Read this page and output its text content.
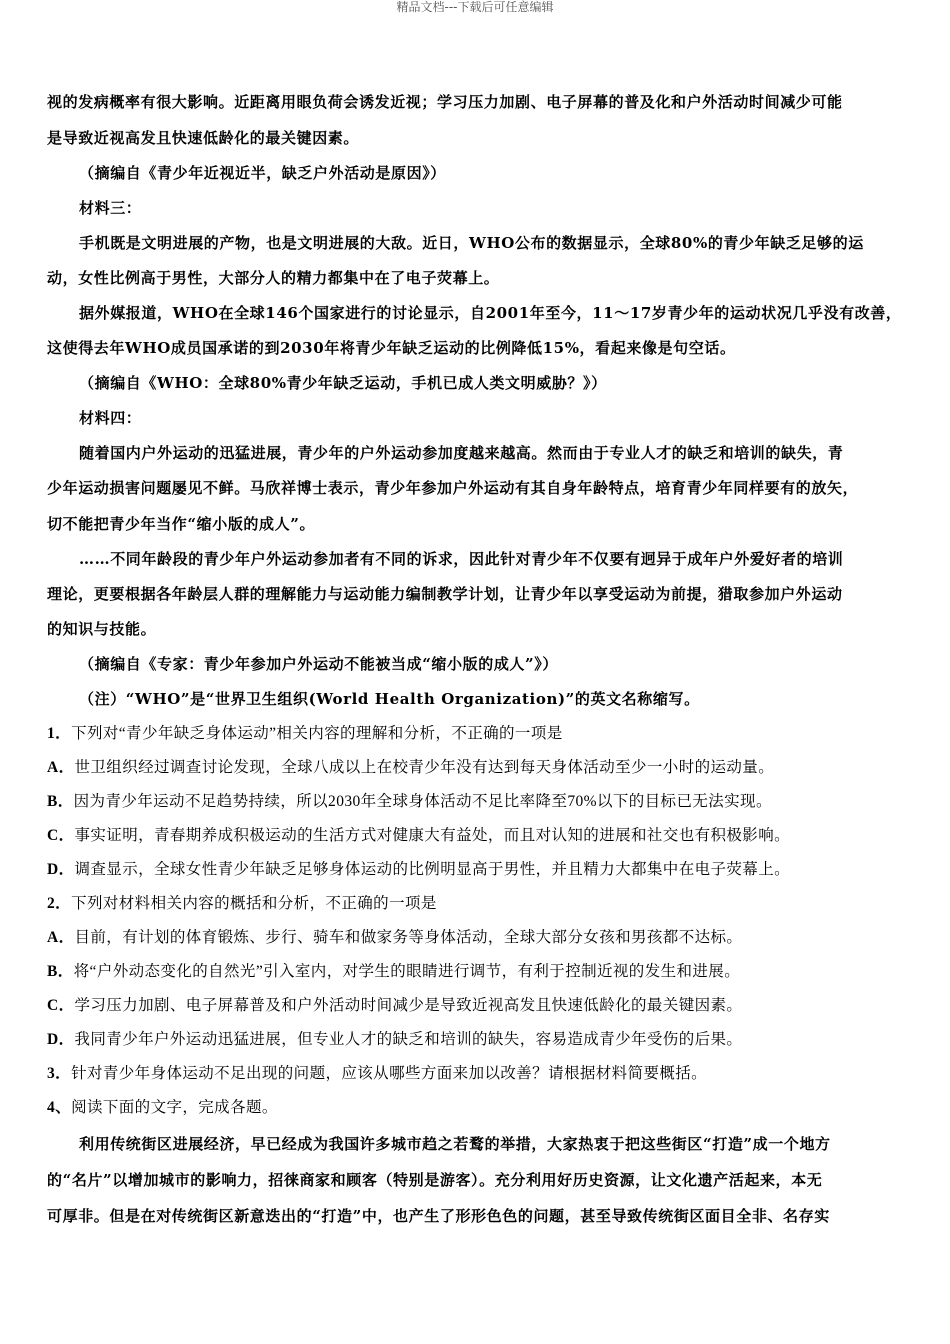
精品文档---下载后可任意编辑
视的发病概率有很大影响。近距离用眼负荷会诱发近视；学习压力加剧、电子屏幕的普及化和户外活动时间减少可能
是导致近视高发且快速低龄化的最关键因素。
（摘编自《青少年近视近半，缺乏户外活动是原因》）
材料三：
手机既是文明进展的产物，也是文明进展的大敌。近日，WHO公布的数据显示，全球80%的青少年缺乏足够的运
动，女性比例高于男性，大部分人的精力都集中在了电子荧幕上。
据外媒报道，WHO在全球146个国家进行的讨论显示，自2001年至今，11～17岁青少年的运动状况几乎没有改善，
这使得去年WHO成员国承诺的到2030年将青少年缺乏运动的比例降低15%，看起来像是句空话。
（摘编自《WHO：全球80%青少年缺乏运动，手机已成人类文明威胁？》）
材料四：
随着国内户外运动的迅猛进展，青少年的户外运动参加度越来越高。然而由于专业人才的缺乏和培训的缺失，青
少年运动损害问题屡见不鲜。马欣祥博士表示，青少年参加户外运动有其自身年龄特点，培育青少年同样要有的放矢，
切不能把青少年当作“缩小版的成人”。
……不同年龄段的青少年户外运动参加者有不同的诉求，因此针对青少年不仅要有迥异于成年户外爱好者的培训
理论，更要根据各年龄层人群的理解能力与运动能力编制教学计划，让青少年以享受运动为前提，猎取参加户外运动
的知识与技能。
（摘编自《专家：青少年参加户外运动不能被当成“缩小版的成人”》）
（注）“WHO”是“世界卫生组织(World Health Organization)”的英文名称缩写。
1．下列对“青少年缺乏身体运动”相关内容的理解和分析，不正确的一项是
A．世卫组织经过调查讨论发现，全球八成以上在校青少年没有达到每天身体活动至少一小时的运动量。
B．因为青少年运动不足趋势持续，所以2030年全球身体活动不足比率降至70%以下的目标已无法实现。
C．事实证明，青春期养成积极运动的生活方式对健康大有益处，而且对认知的进展和社交也有积极影响。
D．调查显示，全球女性青少年缺乏足够身体运动的比例明显高于男性，并且精力大都集中在电子荧幕上。
2．下列对材料相关内容的概括和分析，不正确的一项是
A．目前，有计划的体育锻炼、步行、骑车和做家务等身体活动，全球大部分女孩和男孩都不达标。
B．将“户外动态变化的自然光”引入室内，对学生的眼睛进行调节，有利于控制近视的发生和进展。
C．学习压力加剧、电子屏幕普及和户外活动时间减少是导致近视高发且快速低龄化的最关键因素。
D．我同青少年户外运动迅猛进展，但专业人才的缺乏和培训的缺失，容易造成青少年受伤的后果。
3．针对青少年身体运动不足出现的问题，应该从哪些方面来加以改善？请根据材料简要概括。
4、阅读下面的文字，完成各题。
利用传统街区进展经济，早已经成为我国许多城市趋之若鹜的举措，大家热衷于把这些街区“打造”成一个地方
的“名片”以增加城市的影响力，招徕商家和顾客（特别是游客）。充分利用好历史资源，让文化遗产活起来，本无
可厚非。但是在对传统街区新意迭出的“打造”中，也产生了形形色色的问题，甚至导致传统街区面目全非、名存实
